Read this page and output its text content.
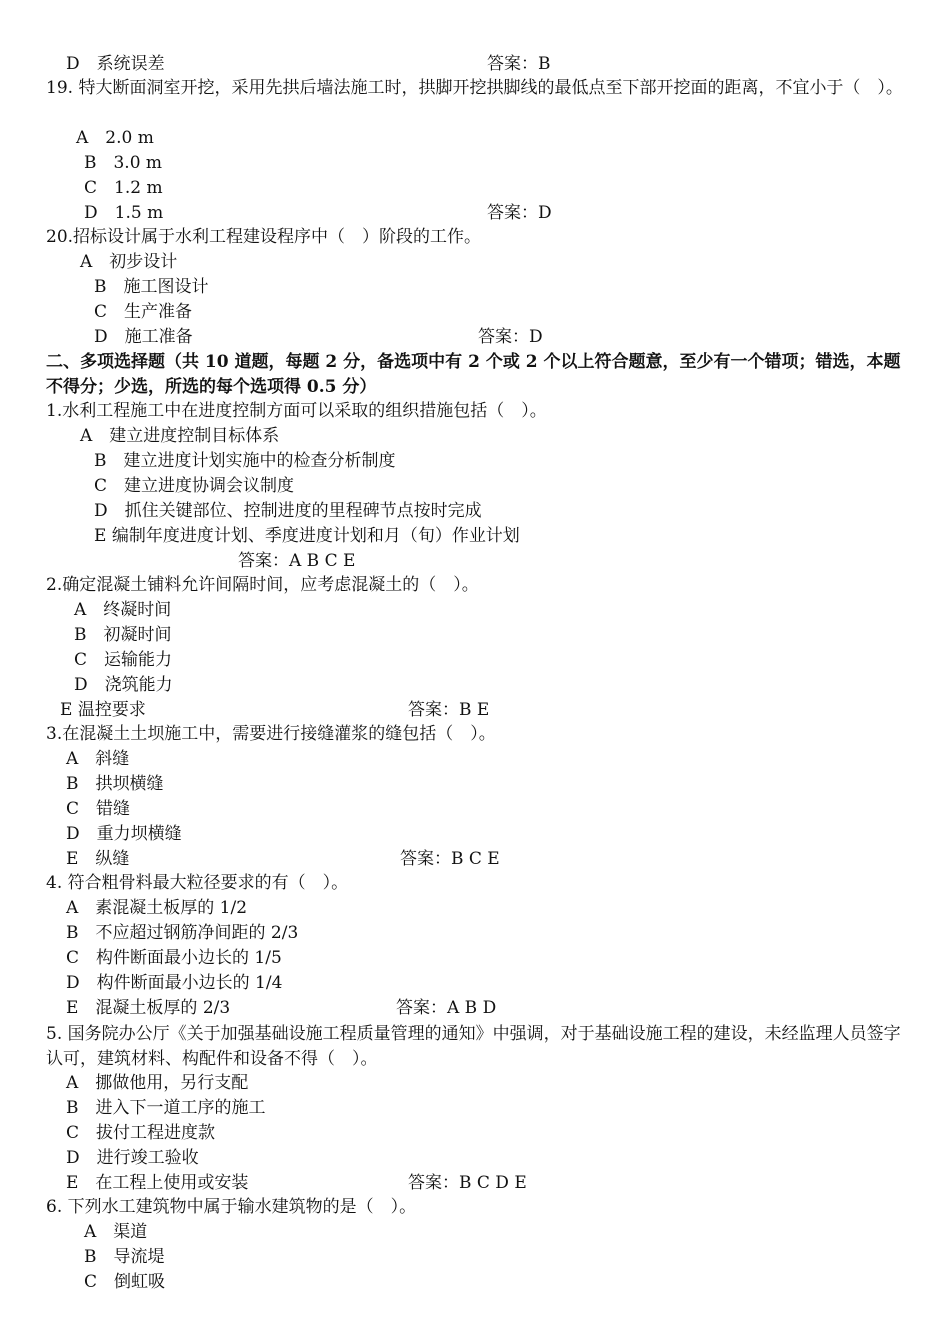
D　系统误差	答案：B
19. 特大断面洞室开挖，采用先拱后墙法施工时，拱脚开挖拱脚线的最低点至下部开挖面的距离，不宜小于（　）。
A　2.0 m
B　3.0 m
C　1.2 m
D　1.5 m	答案：D
20.招标设计属于水利工程建设程序中（　）阶段的工作。
A　初步设计
B　施工图设计
C　生产准备
D　施工准备	答案：D
二、多项选择题（共 10 道题，每题 2 分，备选项中有 2 个或 2 个以上符合题意，至少有一个错项；错选，本题不得分；少选，所选的每个选项得 0.5 分）
1.水利工程施工中在进度控制方面可以采取的组织措施包括（　）。
A　建立进度控制目标体系
B　建立进度计划实施中的检查分析制度
C　建立进度协调会议制度
D　抓住关键部位、控制进度的里程碑节点按时完成
E 编制年度进度计划、季度进度计划和月（旬）作业计划
答案：A B C E
2.确定混凝土铺料允许间隔时间，应考虑混凝土的（　）。
A　终凝时间
B　初凝时间
C　运输能力
D　浇筑能力
E 温控要求	答案：B E
3.在混凝土土坝施工中，需要进行接缝灌浆的缝包括（　）。
A　斜缝
B　拱坝横缝
C　错缝
D　重力坝横缝
E　纵缝	答案：B C E
4. 符合粗骨料最大粒径要求的有（　）。
A　素混凝土板厚的 1/2
B　不应超过钢筋净间距的 2/3
C　构件断面最小边长的 1/5
D　构件断面最小边长的 1/4
E　混凝土板厚的 2/3	答案：A B D
5. 国务院办公厅《关于加强基础设施工程质量管理的通知》中强调，对于基础设施工程的建设，未经监理人员签字认可，建筑材料、构配件和设备不得（　）。
A　挪做他用，另行支配
B　进入下一道工序的施工
C　拔付工程进度款
D　进行竣工验收
E　在工程上使用或安装	答案：B C D E
6. 下列水工建筑物中属于输水建筑物的是（　）。
A　渠道
B　导流堤
C　倒虹吸
